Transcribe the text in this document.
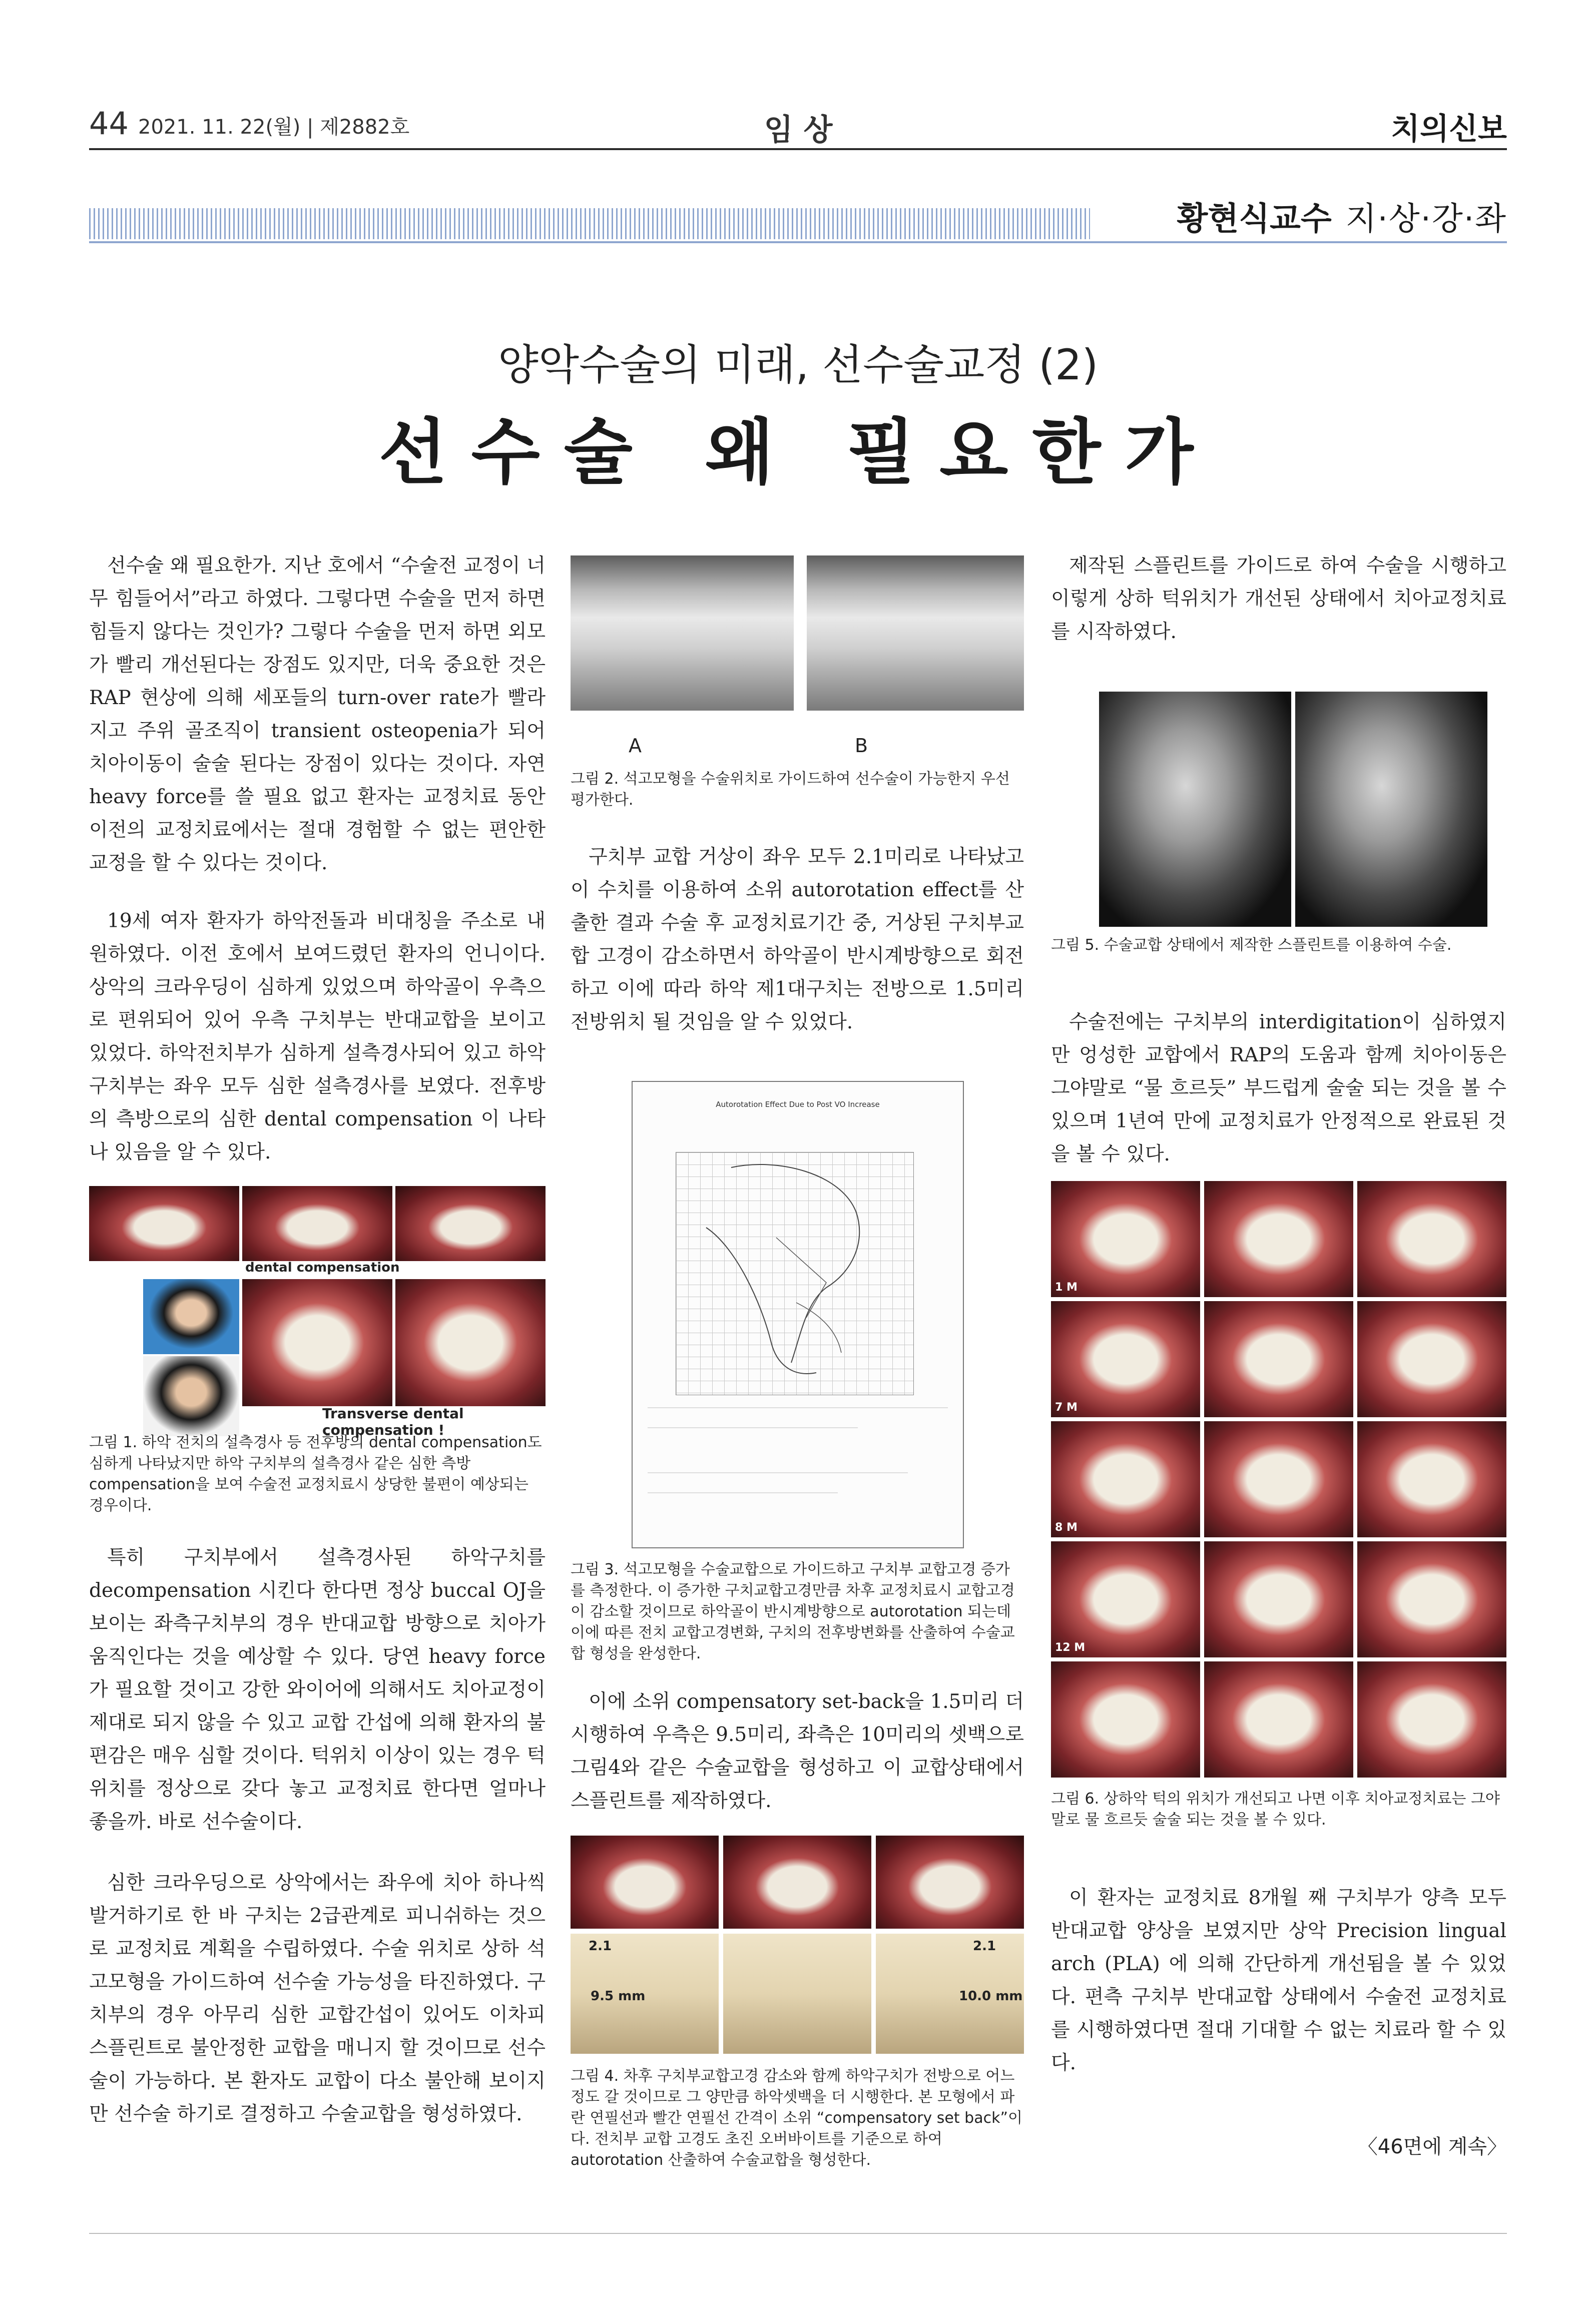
44 2021. 11. 22(월) | 제2882호	임 상	치의신보
황현식교수 지·상·강·좌
양악수술의 미래, 선수술교정 (2)
선수술 왜 필요한가

선수술 왜 필요한가. 지난 호에서 “수술전 교정이 너무 힘들어서”라고 하였다. 그렇다면 수술을 먼저 하면 힘들지 않다는 것인가? 그렇다 수술을 먼저 하면 외모가 빨리 개선된다는 장점도 있지만, 더욱 중요한 것은 RAP 현상에 의해 세포들의 turn-over rate가 빨라지고 주위 골조직이 transient osteopenia가 되어 치아이동이 술술 된다는 장점이 있다는 것이다. 자연 heavy force를 쓸 필요 없고 환자는 교정치료 동안 이전의 교정치료에서는 절대 경험할 수 없는 편안한 교정을 할 수 있다는 것이다.

19세 여자 환자가 하악전돌과 비대칭을 주소로 내원하였다. 이전 호에서 보여드렸던 환자의 언니이다. 상악의 크라우딩이 심하게 있었으며 하악골이 우측으로 편위되어 있어 우측 구치부는 반대교합을 보이고 있었다. 하악전치부가 심하게 설측경사되어 있고 하악 구치부는 좌우 모두 심한 설측경사를 보였다. 전후방의 측방으로의 심한 dental compensation 이 나타나 있음을 알 수 있다.

dental compensation
Transverse dental compensation !

그림 1. 하악 전치의 설측경사 등 전후방의 dental compensation도 심하게 나타났지만 하악 구치부의 설측경사 같은 심한 측방 compensation을 보여 수술전 교정치료시 상당한 불편이 예상되는 경우이다.

특히 구치부에서 설측경사된 하악구치를 decompensation 시킨다 한다면 정상 buccal OJ을 보이는 좌측구치부의 경우 반대교합 방향으로 치아가 움직인다는 것을 예상할 수 있다. 당연 heavy force가 필요할 것이고 강한 와이어에 의해서도 치아교정이 제대로 되지 않을 수 있고 교합 간섭에 의해 환자의 불편감은 매우 심할 것이다. 턱위치 이상이 있는 경우 턱위치를 정상으로 갖다 놓고 교정치료 한다면 얼마나 좋을까. 바로 선수술이다.

심한 크라우딩으로 상악에서는 좌우에 치아 하나씩 발거하기로 한 바 구치는 2급관계로 피니쉬하는 것으로 교정치료 계획을 수립하였다. 수술 위치로 상하 석고모형을 가이드하여 선수술 가능성을 타진하였다. 구치부의 경우 아무리 심한 교합간섭이 있어도 이차피 스플린트로 불안정한 교합을 매니지 할 것이므로 선수술이 가능하다. 본 환자도 교합이 다소 불안해 보이지만 선수술 하기로 결정하고 수술교합을 형성하였다.

A	B

그림 2. 석고모형을 수술위치로 가이드하여 선수술이 가능한지 우선 평가한다.

구치부 교합 거상이 좌우 모두 2.1미리로 나타났고 이 수치를 이용하여 소위 autorotation effect를 산출한 결과 수술 후 교정치료기간 중, 거상된 구치부교합 고경이 감소하면서 하악골이 반시계방향으로 회전하고 이에 따라 하악 제1대구치는 전방으로 1.5미리 전방위치 될 것임을 알 수 있었다.

Autorotation Effect Due to Post VO Increase

그림 3. 석고모형을 수술교합으로 가이드하고 구치부 교합고경 증가를 측정한다. 이 증가한 구치교합고경만큼 차후 교정치료시 교합고경이 감소할 것이므로 하악골이 반시계방향으로 autorotation 되는데 이에 따른 전치 교합고경변화, 구치의 전후방변화를 산출하여 수술교합 형성을 완성한다.

이에 소위 compensatory set-back을 1.5미리 더 시행하여 우측은 9.5미리, 좌측은 10미리의 셋백으로 그림4와 같은 수술교합을 형성하고 이 교합상태에서 스플린트를 제작하였다.

2.1	2.1
9.5 mm	10.0 mm

그림 4. 차후 구치부교합고경 감소와 함께 하악구치가 전방으로 어느 정도 갈 것이므로 그 양만큼 하악셋백을 더 시행한다. 본 모형에서 파란 연필선과 빨간 연필선 간격이 소위 “compensatory set back”이다. 전치부 교합 고경도 초진 오버바이트를 기준으로 하여 autorotation 산출하여 수술교합을 형성한다.

제작된 스플린트를 가이드로 하여 수술을 시행하고 이렇게 상하 턱위치가 개선된 상태에서 치아교정치료를 시작하였다.

그림 5. 수술교합 상태에서 제작한 스플린트를 이용하여 수술.

수술전에는 구치부의 interdigitation이 심하였지만 엉성한 교합에서 RAP의 도움과 함께 치아이동은 그야말로 “물 흐르듯” 부드럽게 술술 되는 것을 볼 수 있으며 1년여 만에 교정치료가 안정적으로 완료된 것을 볼 수 있다.

1 M
7 M
8 M
12 M

그림 6. 상하악 턱의 위치가 개선되고 나면 이후 치아교정치료는 그야말로 물 흐르듯 술술 되는 것을 볼 수 있다.

이 환자는 교정치료 8개월 째 구치부가 양측 모두 반대교합 양상을 보였지만 상악 Precision lingual arch (PLA) 에 의해 간단하게 개선됨을 볼 수 있었다. 편측 구치부 반대교합 상태에서 수술전 교정치료를 시행하였다면 절대 기대할 수 없는 치료라 할 수 있다.

〈46면에 계속〉
